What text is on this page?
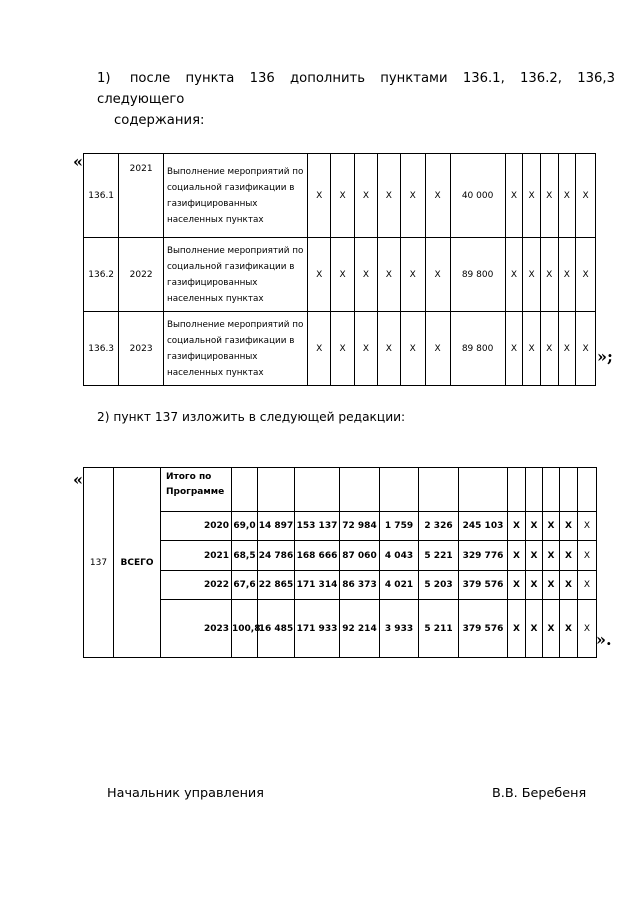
1) после пункта 136 дополнить пунктами 136.1, 136.2, 136,3 следующего
содержания:
«
136.1	2021	Выполнение мероприятий по социальной газификации в газифицированных населенных пунктах	X	X	X	X	X	X	40 000	X	X	X	X	X
136.2	2022	Выполнение мероприятий по социальной газификации в газифицированных населенных пунктах	X	X	X	X	X	X	89 800	X	X	X	X	X
136.3	2023	Выполнение мероприятий по социальной газификации в газифицированных населенных пунктах	X	X	X	X	X	X	89 800	X	X	X	X	X »;
2) пункт 137 изложить в следующей редакции:
«
137	ВСЕГО	Итого по Программе												
		2020	69,0	14 897	153 137	72 984	1 759	2 326	245 103	X	X	X	X	X
		2021	68,5	24 786	168 666	87 060	4 043	5 221	329 776	X	X	X	X	X
		2022	67,6	22 865	171 314	86 373	4 021	5 203	379 576	X	X	X	X	X
		2023	100,8	16 485	171 933	92 214	3 933	5 211	379 576	X	X	X	X	X
».
Начальник управления	В.В. Беребеня
